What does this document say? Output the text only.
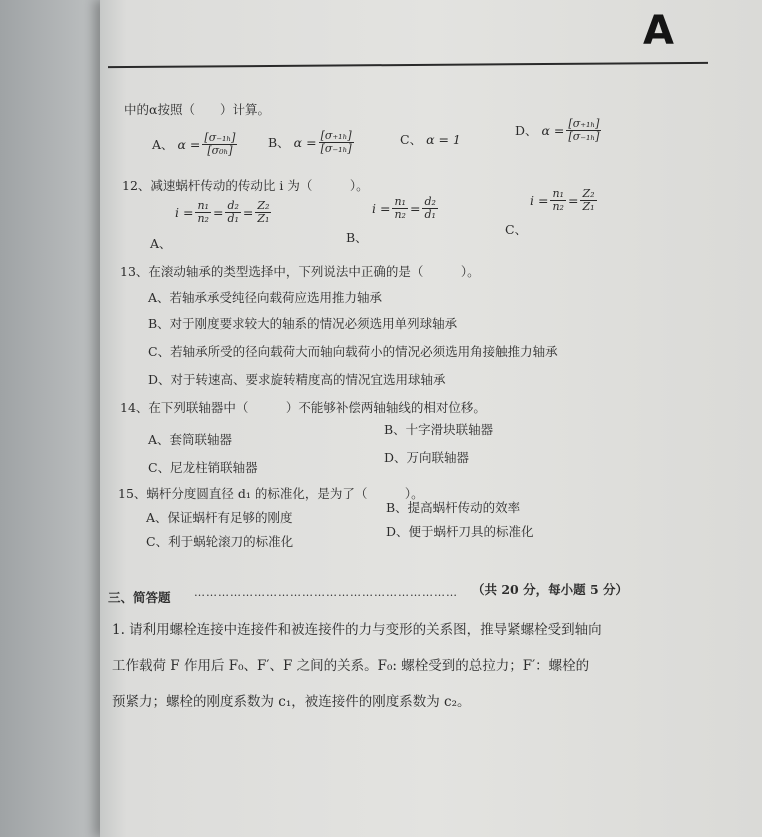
A
中的α按照（　　）计算。
A、 $\alpha = \frac{\text{[σ₋₁ₕ]}}{\text{[σ₀ₕ]}}$ B、 $\alpha = \frac{\text{[σ₊₁ₕ]}}{\text{[σ₋₁ₕ]}}$	C、 α = 1
D、 $\alpha = \frac{\text{[σ₊₁ₕ]}}{\text{[σ₋₁ₕ]}}$
12、减速蜗杆传动的传动比 i 为（　　　）。
$i = \frac{\text{n₁}}{\text{n₂}} = \frac{\text{d₂}}{\text{d₁}} = \frac{\text{Z₂}}{\text{Z₁}}$
A、
$i = \frac{\text{n₁}}{\text{n₂}} = \frac{\text{d₂}}{\text{d₁}}$
B、
$i = \frac{\text{n₁}}{\text{n₂}} = \frac{\text{Z₂}}{\text{Z₁}}$
C、
13、在滚动轴承的类型选择中，下列说法中正确的是（　　　）。
A、若轴承承受纯径向载荷应选用推力轴承
B、对于刚度要求较大的轴系的情况必须选用单列球轴承
C、若轴承所受的径向载荷大而轴向载荷小的情况必须选用角接触推力轴承
D、对于转速高、要求旋转精度高的情况宜选用球轴承
14、在下列联轴器中（　　　）不能够补偿两轴轴线的相对位移。
A、套筒联轴器
B、十字滑块联轴器
C、尼龙柱销联轴器
D、万向联轴器
15、蜗杆分度圆直径 d₁ 的标准化，是为了（　　　）。
A、保证蜗杆有足够的刚度
B、提高蜗杆传动的效率
C、利于蜗轮滚刀的标准化
D、便于蜗杆刀具的标准化
三、简答题 ………………………………………………………… （共 20 分，每小题 5 分）
1. 请利用螺栓连接中连接件和被连接件的力与变形的关系图，推导紧螺栓受到轴向
工作载荷 F 作用后 F₀、F′、F 之间的关系。F₀: 螺栓受到的总拉力；F′：螺栓的
预紧力；螺栓的刚度系数为 c₁，被连接件的刚度系数为 c₂。
